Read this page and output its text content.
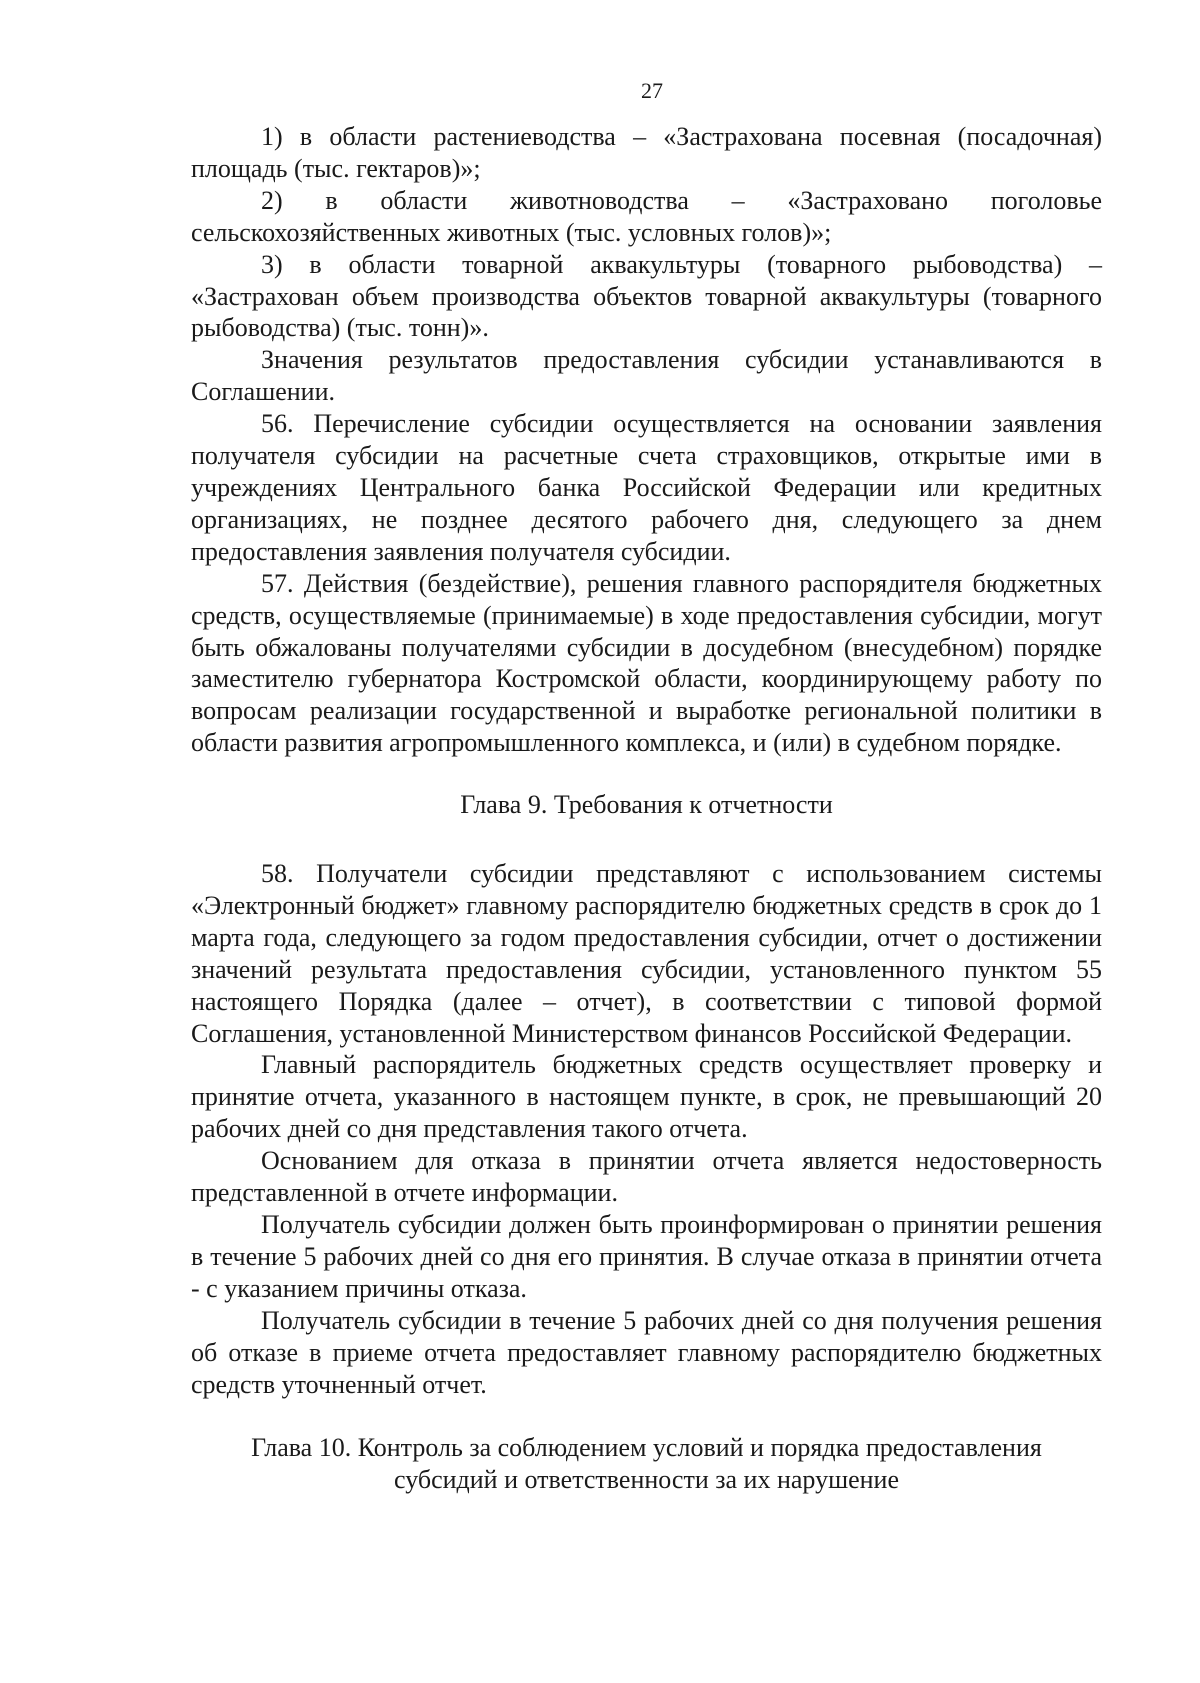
27

1) в области растениеводства – «Застрахована посевная (посадочная) площадь (тыс. гектаров)»;

2) в области животноводства – «Застраховано поголовье сельскохозяйственных животных (тыс. условных голов)»;

3) в области товарной аквакультуры (товарного рыбоводства) – «Застрахован объем производства объектов товарной аквакультуры (товарного рыбоводства) (тыс. тонн)».

Значения результатов предоставления субсидии устанавливаются в Соглашении.

56. Перечисление субсидии осуществляется на основании заявления получателя субсидии на расчетные счета страховщиков, открытые ими в учреждениях Центрального банка Российской Федерации или кредитных организациях, не позднее десятого рабочего дня, следующего за днем предоставления заявления получателя субсидии.

57. Действия (бездействие), решения главного распорядителя бюджетных средств, осуществляемые (принимаемые) в ходе предоставления субсидии, могут быть обжалованы получателями субсидии в досудебном (внесудебном) порядке заместителю губернатора Костромской области, координирующему работу по вопросам реализации государственной и выработке региональной политики в области развития агропромышленного комплекса, и (или) в судебном порядке.

Глава 9. Требования к отчетности

58. Получатели субсидии представляют с использованием системы «Электронный бюджет» главному распорядителю бюджетных средств в срок до 1 марта года, следующего за годом предоставления субсидии, отчет о достижении значений результата предоставления субсидии, установленного пунктом 55 настоящего Порядка (далее – отчет), в соответствии с типовой формой Соглашения, установленной Министерством финансов Российской Федерации.

Главный распорядитель бюджетных средств осуществляет проверку и принятие отчета, указанного в настоящем пункте, в срок, не превышающий 20 рабочих дней со дня представления такого отчета.

Основанием для отказа в принятии отчета является недостоверность представленной в отчете информации.

Получатель субсидии должен быть проинформирован о принятии решения в течение 5 рабочих дней со дня его принятия. В случае отказа в принятии отчета - с указанием причины отказа.

Получатель субсидии в течение 5 рабочих дней со дня получения решения об отказе в приеме отчета предоставляет главному распорядителю бюджетных средств уточненный отчет.

Глава 10. Контроль за соблюдением условий и порядка предоставления субсидий и ответственности за их нарушение
